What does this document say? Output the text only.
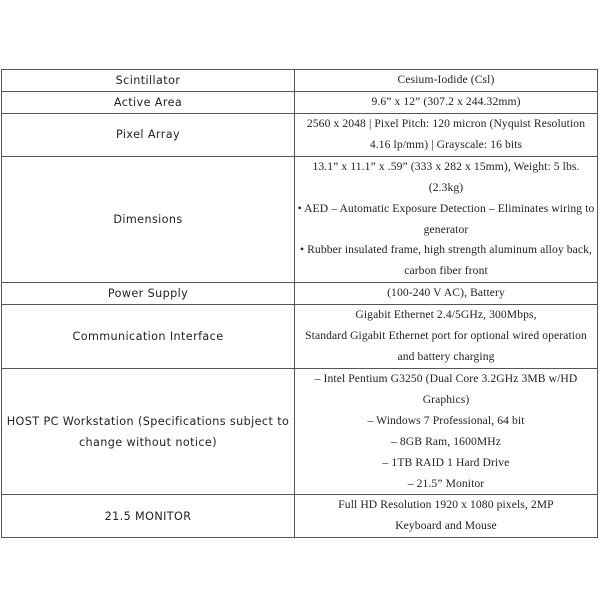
Scintillator	Cesium-Iodide (Csl)

Active Area	9.6” x 12” (307.2 x 244.32mm)

Pixel Array	2560 x 2048 | Pixel Pitch: 120 micron (Nyquist Resolution 4.16 lp/mm) | Grayscale: 16 bits

Dimensions	13.1” x 11.1” x .59” (333 x 282 x 15mm), Weight: 5 lbs. (2.3kg)
• AED – Automatic Exposure Detection – Eliminates wiring to generator
• Rubber insulated frame, high strength aluminum alloy back, carbon fiber front

Power Supply	(100-240 V AC), Battery

Communication Interface	Gigabit Ethernet 2.4/5GHz, 300Mbps,
Standard Gigabit Ethernet port for optional wired operation and battery charging

HOST PC Workstation (Specifications subject to change without notice)	– Intel Pentium G3250 (Dual Core 3.2GHz 3MB w/HD Graphics)
– Windows 7 Professional, 64 bit
– 8GB Ram, 1600MHz
– 1TB RAID 1 Hard Drive
– 21.5” Monitor

21.5 MONITOR	Full HD Resolution 1920 x 1080 pixels, 2MP
Keyboard and Mouse
